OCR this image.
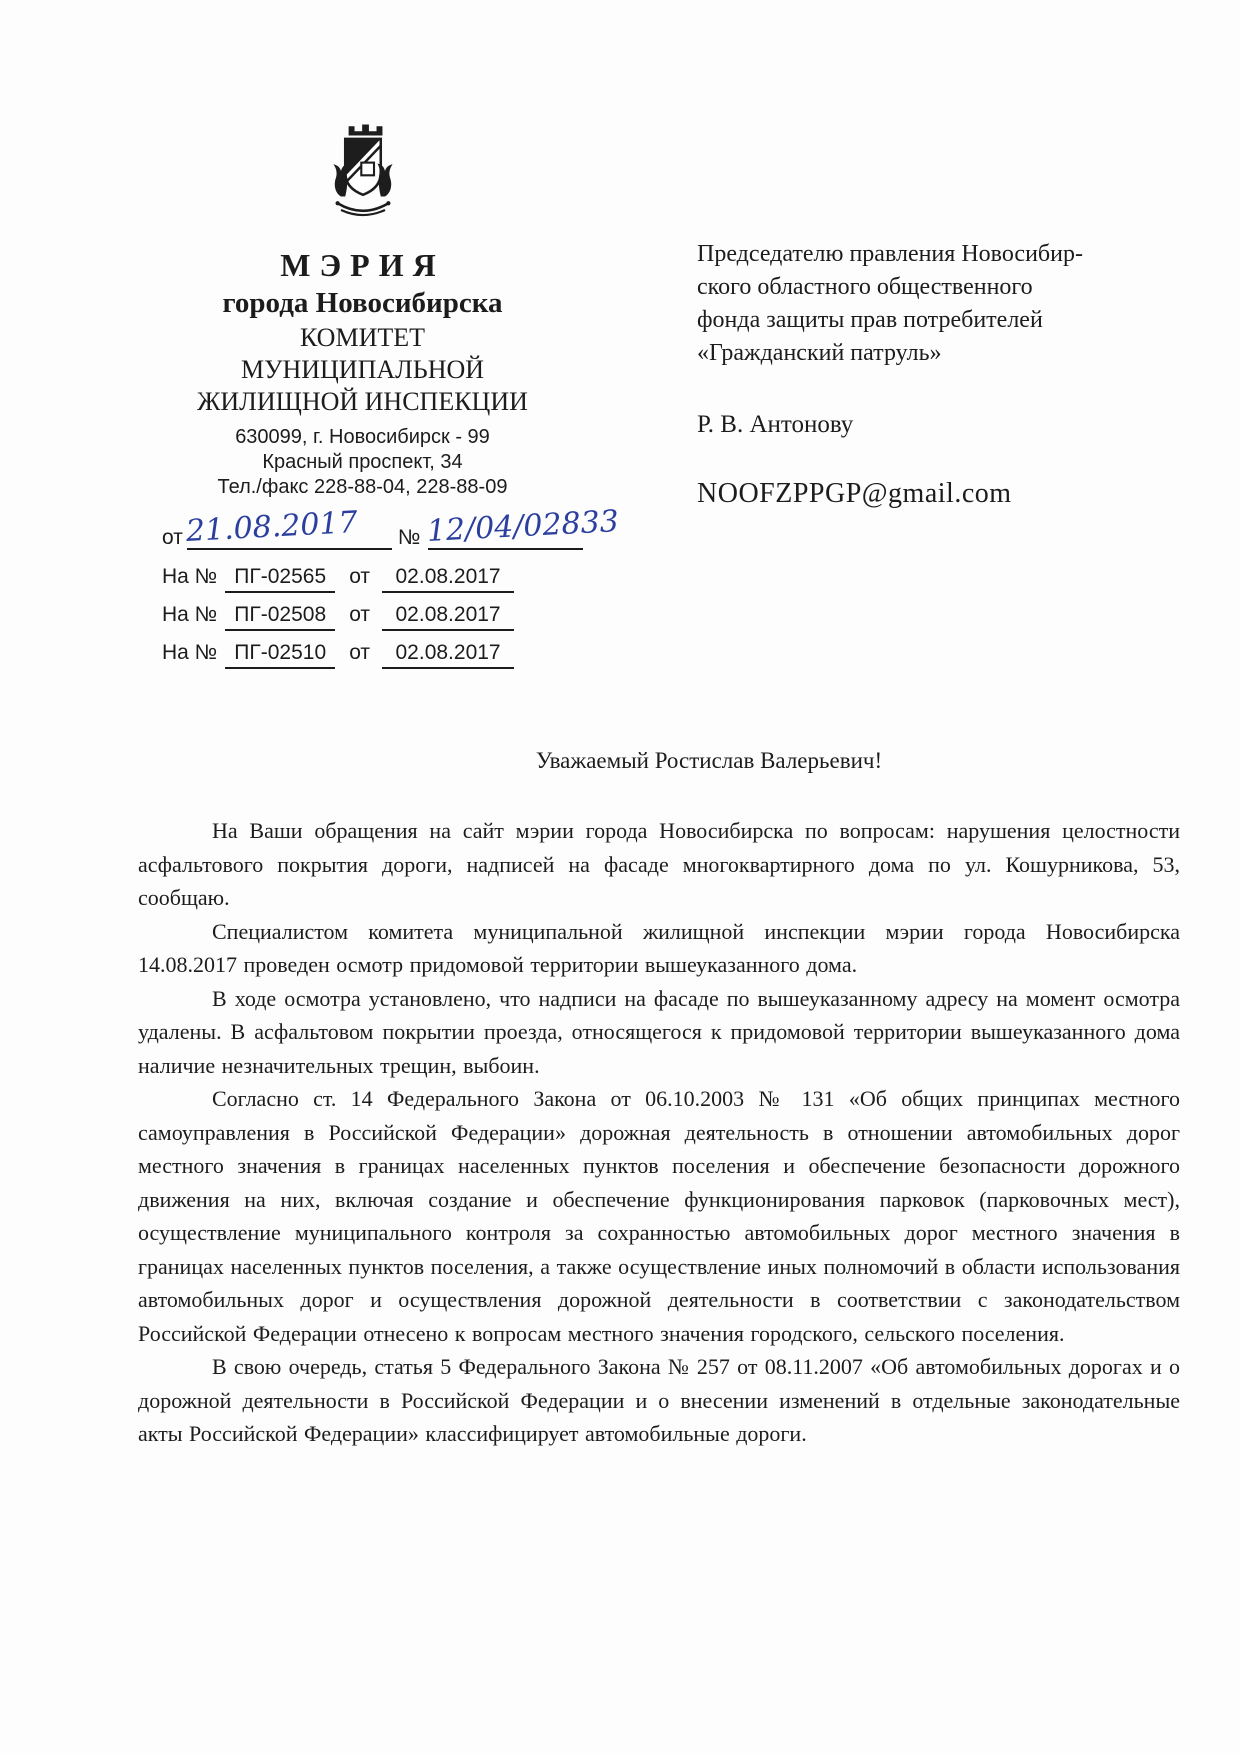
МЭРИЯ
города Новосибирска
КОМИТЕТ
МУНИЦИПАЛЬНОЙ
ЖИЛИЩНОЙ ИНСПЕКЦИИ
630099, г. Новосибирск - 99
Красный проспект, 34
Тел./факс 228-88-04, 228-88-09
от21.08.2017 № 12/04/02833
На № ПГ-02565 от 02.08.2017
На № ПГ-02508 от 02.08.2017
На № ПГ-02510 от 02.08.2017
Председателю правления Новосибир-
ского областного общественного
фонда защиты прав потребителей
«Гражданский патруль»
Р. В. Антонову
NOOFZPPGP@gmail.com
Уважаемый Ростислав Валерьевич!

На Ваши обращения на сайт мэрии города Новосибирска по вопросам: нарушения целостности асфальтового покрытия дороги, надписей на фасаде многоквартирного дома по ул. Кошурникова, 53, сообщаю.

Специалистом комитета муниципальной жилищной инспекции мэрии города Новосибирска 14.08.2017 проведен осмотр придомовой территории вышеуказанного дома.

В ходе осмотра установлено, что надписи на фасаде по вышеуказанному адресу на момент осмотра удалены. В асфальтовом покрытии проезда, относящегося к придомовой территории вышеуказанного дома наличие незначительных трещин, выбоин.

Согласно ст. 14 Федерального Закона от 06.10.2003 № 131 «Об общих принципах местного самоуправления в Российской Федерации» дорожная деятельность в отношении автомобильных дорог местного значения в границах населенных пунктов поселения и обеспечение безопасности дорожного движения на них, включая создание и обеспечение функционирования парковок (парковочных мест), осуществление муниципального контроля за сохранностью автомобильных дорог местного значения в границах населенных пунктов поселения, а также осуществление иных полномочий в области использования автомобильных дорог и осуществления дорожной деятельности в соответствии с законодательством Российской Федерации отнесено к вопросам местного значения городского, сельского поселения.

В свою очередь, статья 5 Федерального Закона № 257 от 08.11.2007 «Об автомобильных дорогах и о дорожной деятельности в Российской Федерации и о внесении изменений в отдельные законодательные акты Российской Федерации» классифицирует автомобильные дороги.
